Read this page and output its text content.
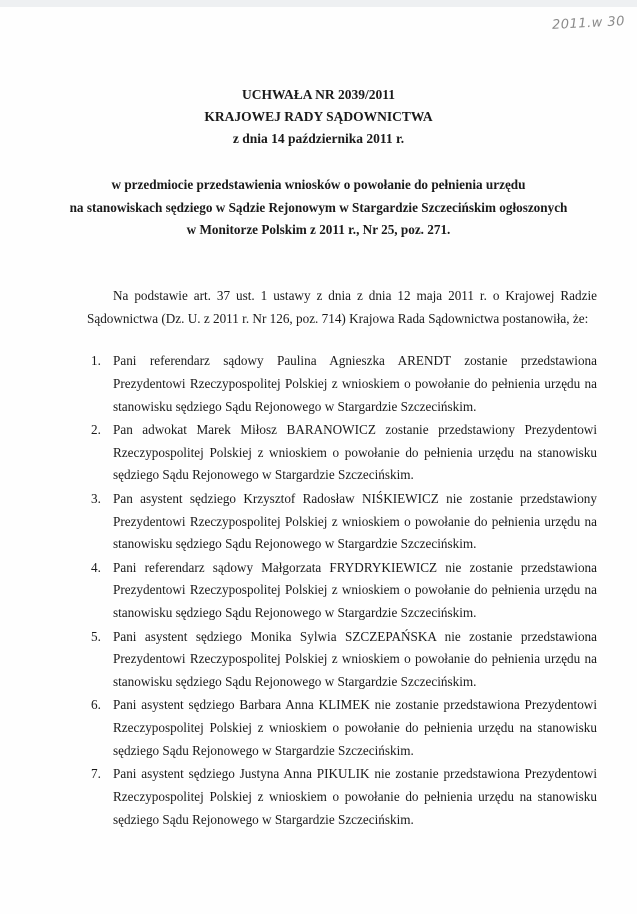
2011.w 30
UCHWAŁA NR 2039/2011
KRAJOWEJ RADY SĄDOWNICTWA
z dnia 14 października 2011 r.
w przedmiocie przedstawienia wniosków o powołanie do pełnienia urzędu
na stanowiskach sędziego w Sądzie Rejonowym w Stargardzie Szczecińskim ogłoszonych
w Monitorze Polskim z 2011 r., Nr 25, poz. 271.

Na podstawie art. 37 ust. 1 ustawy z dnia z dnia 12 maja 2011 r. o Krajowej Radzie Sądownictwa (Dz. U. z 2011 r. Nr 126, poz. 714) Krajowa Rada Sądownictwa postanowiła, że:

1. Pani referendarz sądowy Paulina Agnieszka ARENDT zostanie przedstawiona Prezydentowi Rzeczypospolitej Polskiej z wnioskiem o powołanie do pełnienia urzędu na stanowisku sędziego Sądu Rejonowego w Stargardzie Szczecińskim.
2. Pan adwokat Marek Miłosz BARANOWICZ zostanie przedstawiony Prezydentowi Rzeczypospolitej Polskiej z wnioskiem o powołanie do pełnienia urzędu na stanowisku sędziego Sądu Rejonowego w Stargardzie Szczecińskim.
3. Pan asystent sędziego Krzysztof Radosław NIŚKIEWICZ nie zostanie przedstawiony Prezydentowi Rzeczypospolitej Polskiej z wnioskiem o powołanie do pełnienia urzędu na stanowisku sędziego Sądu Rejonowego w Stargardzie Szczecińskim.
4. Pani referendarz sądowy Małgorzata FRYDRYKIEWICZ nie zostanie przedstawiona Prezydentowi Rzeczypospolitej Polskiej z wnioskiem o powołanie do pełnienia urzędu na stanowisku sędziego Sądu Rejonowego w Stargardzie Szczecińskim.
5. Pani asystent sędziego Monika Sylwia SZCZEPAŃSKA nie zostanie przedstawiona Prezydentowi Rzeczypospolitej Polskiej z wnioskiem o powołanie do pełnienia urzędu na stanowisku sędziego Sądu Rejonowego w Stargardzie Szczecińskim.
6. Pani asystent sędziego Barbara Anna KLIMEK nie zostanie przedstawiona Prezydentowi Rzeczypospolitej Polskiej z wnioskiem o powołanie do pełnienia urzędu na stanowisku sędziego Sądu Rejonowego w Stargardzie Szczecińskim.
7. Pani asystent sędziego Justyna Anna PIKULIK nie zostanie przedstawiona Prezydentowi Rzeczypospolitej Polskiej z wnioskiem o powołanie do pełnienia urzędu na stanowisku sędziego Sądu Rejonowego w Stargardzie Szczecińskim.
